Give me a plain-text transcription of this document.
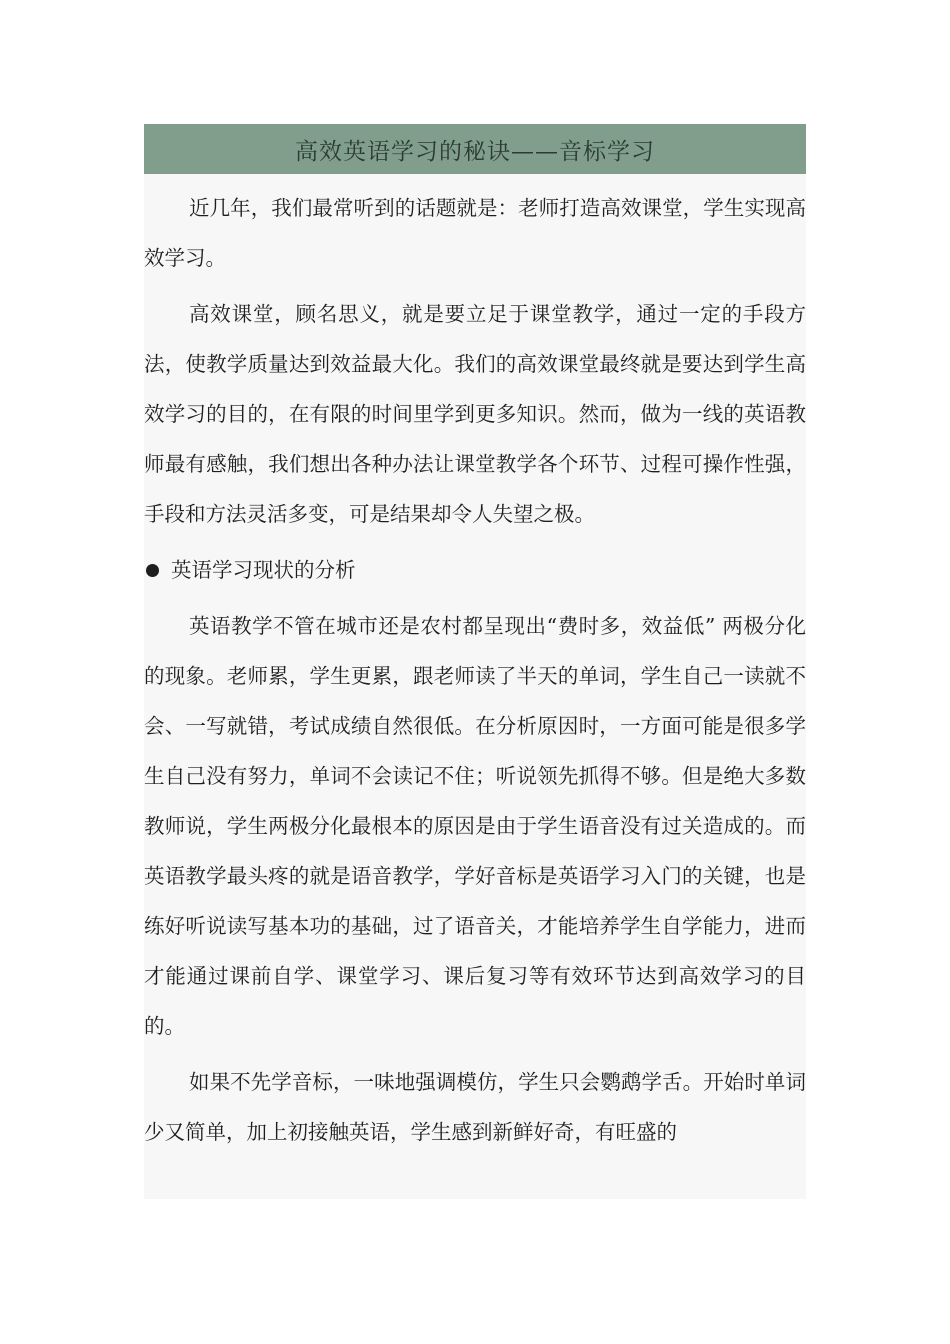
高效英语学习的秘诀——音标学习

近几年，我们最常听到的话题就是：老师打造高效课堂，学生实现高效学习。

高效课堂，顾名思义，就是要立足于课堂教学，通过一定的手段方法，使教学质量达到效益最大化。我们的高效课堂最终就是要达到学生高效学习的目的，在有限的时间里学到更多知识。然而，做为一线的英语教师最有感触，我们想出各种办法让课堂教学各个环节、过程可操作性强，手段和方法灵活多变，可是结果却令人失望之极。

英语学习现状的分析

英语教学不管在城市还是农村都呈现出“费时多，效益低” 两极分化的现象。老师累，学生更累，跟老师读了半天的单词，学生自己一读就不会、一写就错，考试成绩自然很低。在分析原因时，一方面可能是很多学生自己没有努力，单词不会读记不住；听说领先抓得不够。但是绝大多数教师说，学生两极分化最根本的原因是由于学生语音没有过关造成的。而英语教学最头疼的就是语音教学，学好音标是英语学习入门的关键，也是练好听说读写基本功的基础，过了语音关，才能培养学生自学能力，进而才能通过课前自学、课堂学习、课后复习等有效环节达到高效学习的目的。

如果不先学音标，一味地强调模仿，学生只会鹦鹉学舌。开始时单词少又简单，加上初接触英语，学生感到新鲜好奇，有旺盛的
